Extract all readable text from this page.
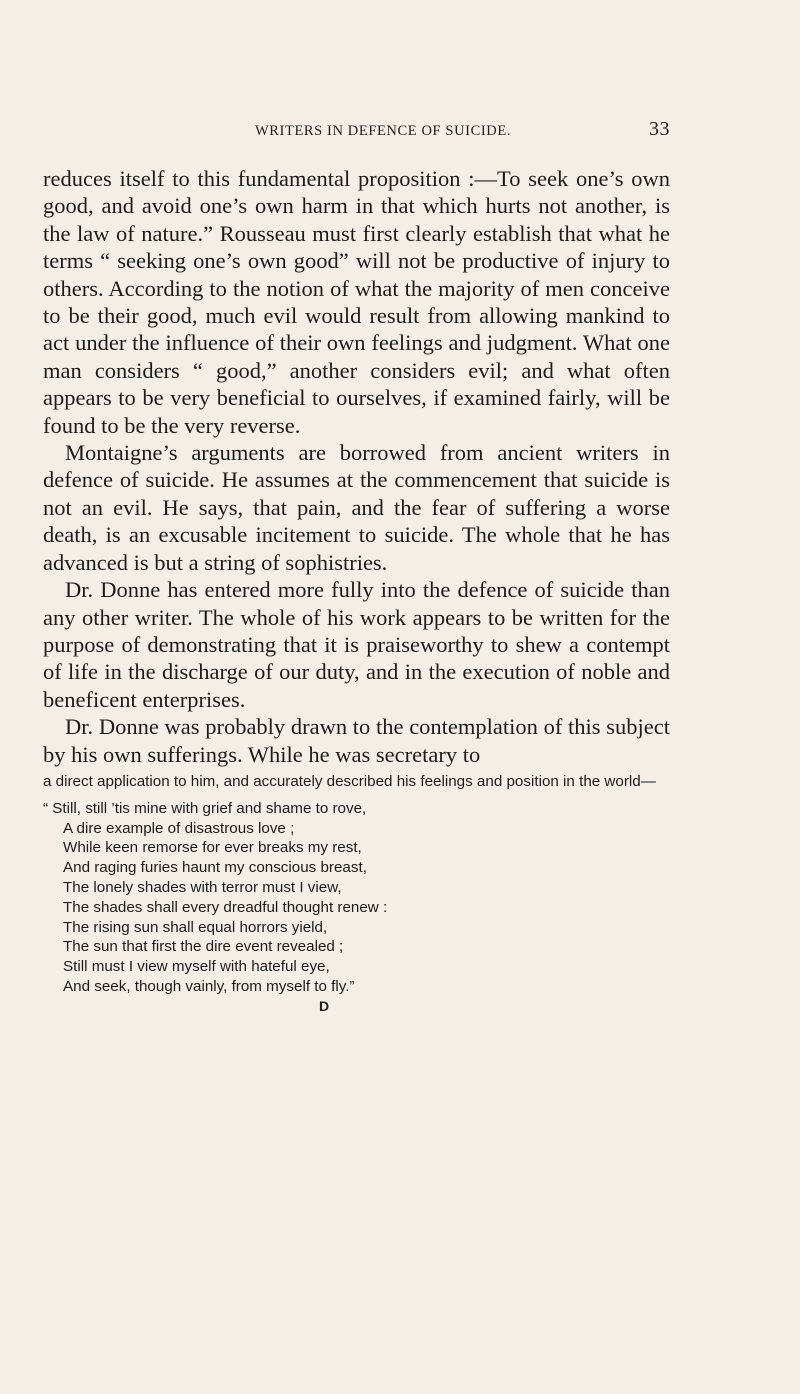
WRITERS IN DEFENCE OF SUICIDE.	33

reduces itself to this fundamental proposition :—To seek one’s own good, and avoid one’s own harm in that which hurts not another, is the law of nature.” Rousseau must first clearly establish that what he terms “ seeking one’s own good” will not be productive of injury to others. According to the notion of what the majority of men conceive to be their good, much evil would result from allowing mankind to act under the influence of their own feelings and judgment. What one man considers “ good,” another considers evil; and what often appears to be very beneficial to ourselves, if examined fairly, will be found to be the very reverse.

Montaigne’s arguments are borrowed from ancient writers in defence of suicide. He assumes at the commencement that suicide is not an evil. He says, that pain, and the fear of suffering a worse death, is an excusable incitement to suicide. The whole that he has advanced is but a string of sophistries.

Dr. Donne has entered more fully into the defence of suicide than any other writer. The whole of his work appears to be written for the purpose of demonstrating that it is praiseworthy to shew a contempt of life in the discharge of our duty, and in the execution of noble and beneficent enterprises.

Dr. Donne was probably drawn to the contemplation of this subject by his own sufferings. While he was secretary to

a direct application to him, and accurately described his feelings and position in the world—

“ Still, still ’tis mine with grief and shame to rove,
A dire example of disastrous love ;
While keen remorse for ever breaks my rest,
And raging furies haunt my conscious breast,
The lonely shades with terror must I view,
The shades shall every dreadful thought renew :
The rising sun shall equal horrors yield,
The sun that first the dire event revealed ;
Still must I view myself with hateful eye,
And seek, though vainly, from myself to fly.”

D
